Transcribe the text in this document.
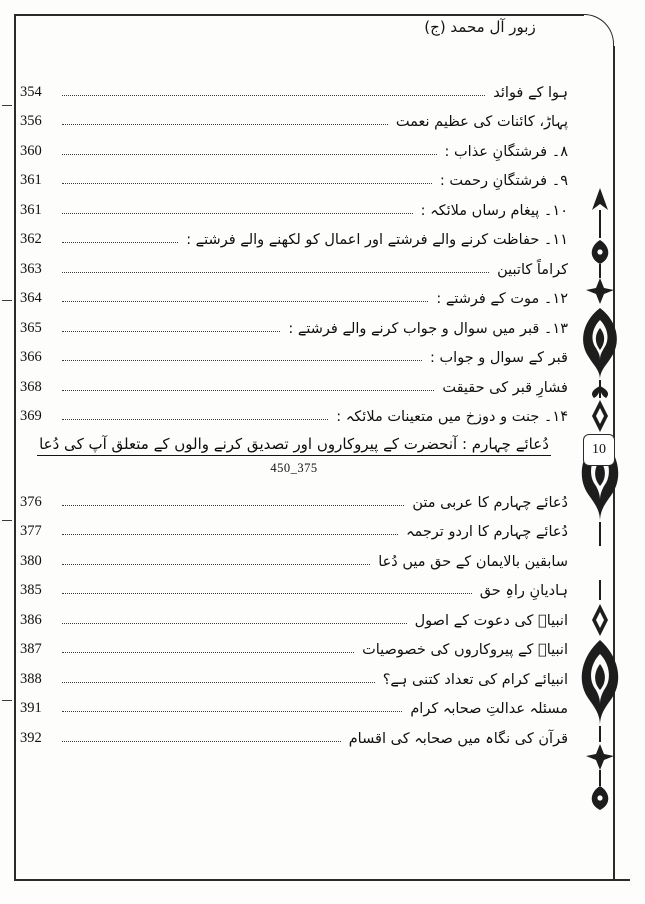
زبور آل محمد (ج)
10
ہوا کے فوائد
354
پہاڑ، کائنات کی عظیم نعمت
356
۸۔ فرشتگانِ عذاب :
360
۹۔ فرشتگانِ رحمت :
361
۱۰۔ پیغام رساں ملائکہ :
361
۱۱۔ حفاظت کرنے والے فرشتے اور اعمال کو لکھنے والے فرشتے :
362
کراماً کاتبین
363
۱۲۔ موت کے فرشتے :
364
۱۳۔ قبر میں سوال و جواب کرنے والے فرشتے :
365
قبر کے سوال و جواب :
366
فشارِ قبر کی حقیقت
368
۱۴۔ جنت و دوزخ میں متعینات ملائکہ :
369
دُعائے چہارم : آنحضرت کے پیروکاروں اور تصدیق کرنے والوں کے متعلق آپ کی دُعا
450_375
دُعائے چہارم کا عربی متن
376
دُعائے چہارم کا اردو ترجمہ
377
سابقین بالایمان کے حق میں دُعا
380
ہادیانِ راہِ حق
385
انبیاؑ کی دعوت کے اصول
386
انبیاؑ کے پیروکاروں کی خصوصیات
387
انبیائے کرام کی تعداد کتنی ہے؟
388
مسئلہ عدالتِ صحابہ کرام
391
قرآن کی نگاہ میں صحابہ کی اقسام
392
